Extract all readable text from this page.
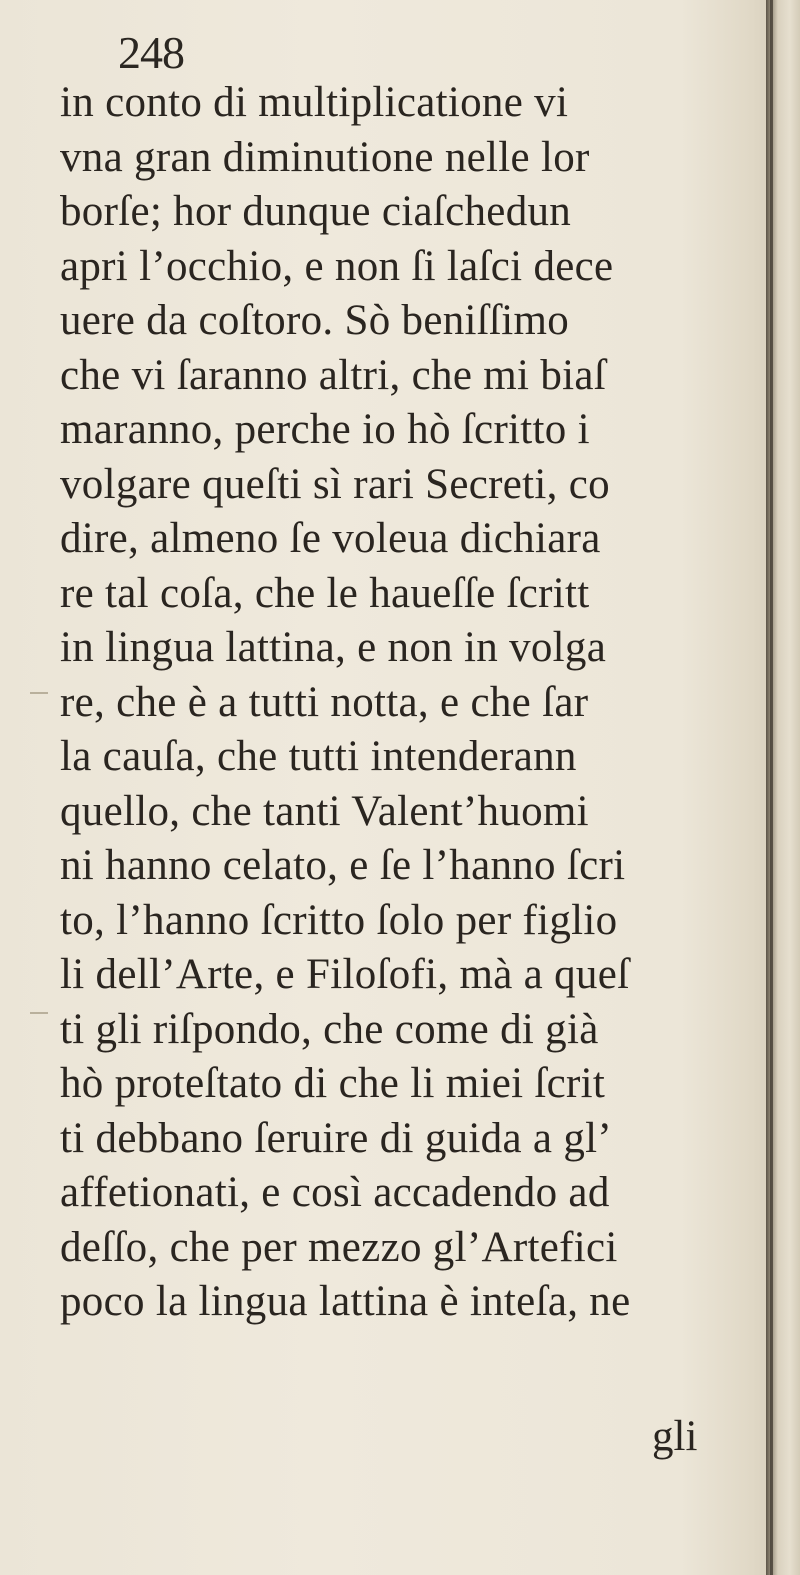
248
in conto di multiplicatione vi
vna gran diminutione nelle lor
borſe; hor dunque ciaſchedun
apri l’occhio, e non ſi laſci dece
uere da coſtoro. Sò beniſſimo
che vi ſaranno altri, che mi biaſ
maranno, perche io hò ſcritto i
volgare queſti sì rari Secreti, co
dire, almeno ſe voleua dichiara
re tal coſa, che le haueſſe ſcritt
in lingua lattina, e non in volga
re, che è a tutti notta, e che ſar
la cauſa, che tutti intenderann
quello, che tanti Valent’huomi
ni hanno celato, e ſe l’hanno ſcri
to, l’hanno ſcritto ſolo per figlio
li dell’Arte, e Filoſofi, mà a queſ
ti gli riſpondo, che come di già
hò proteſtato di che li miei ſcrit
ti debbano ſeruire di guida a gl’
affetionati, e così accadendo ad
deſſo, che per mezzo gl’Artefici
poco la lingua lattina è inteſa, ne
gli
